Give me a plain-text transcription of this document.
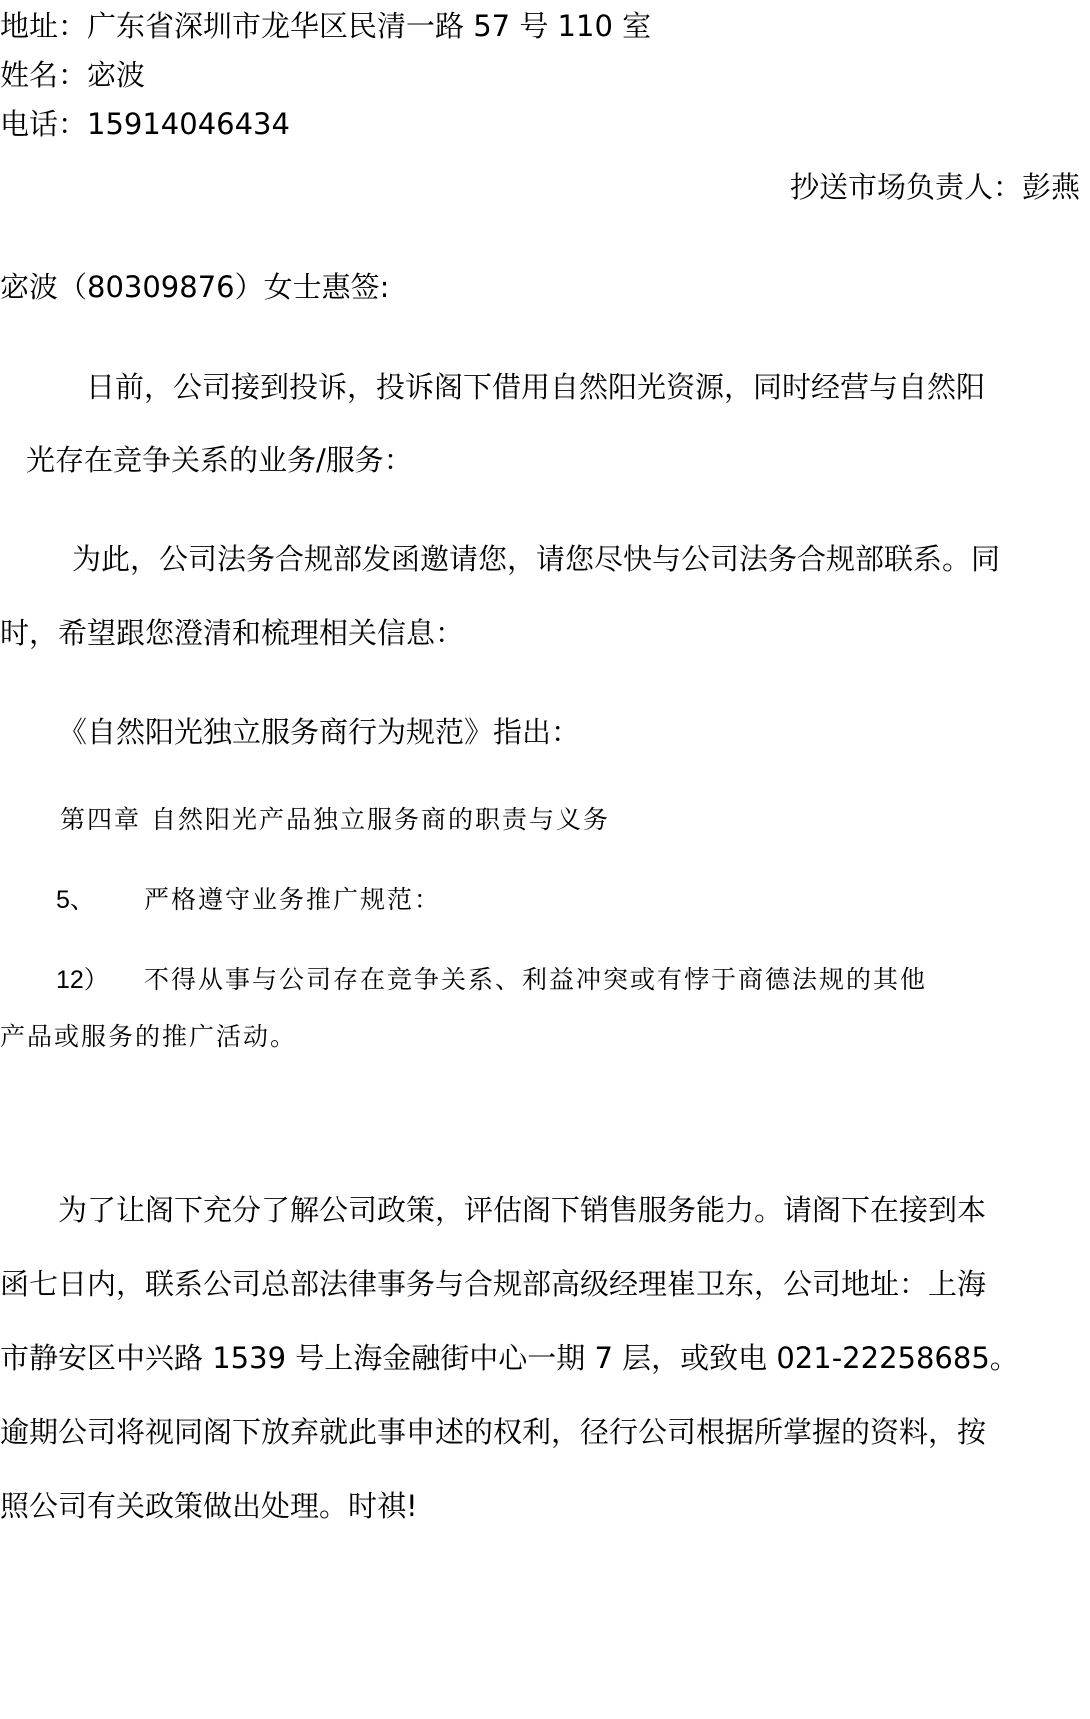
地址：广东省深圳市龙华区民清一路 57 号 110 室

姓名：宓波

电话：15914046434

抄送市场负责人：彭燕

宓波（80309876）女士惠签:

日前，公司接到投诉，投诉阁下借用自然阳光资源，同时经营与自然阳

光存在竞争关系的业务/服务：

为此，公司法务合规部发函邀请您，请您尽快与公司法务合规部联系。同

时，希望跟您澄清和梳理相关信息：

《自然阳光独立服务商行为规范》指出：

第四章 自然阳光产品独立服务商的职责与义务

5、 严格遵守业务推广规范：

12） 不得从事与公司存在竞争关系、利益冲突或有悖于商德法规的其他

产品或服务的推广活动。

为了让阁下充分了解公司政策，评估阁下销售服务能力。请阁下在接到本

函七日内，联系公司总部法律事务与合规部高级经理崔卫东，公司地址：上海

市静安区中兴路 1539 号上海金融街中心一期 7 层，或致电 021-22258685。

逾期公司将视同阁下放弃就此事申述的权利，径行公司根据所掌握的资料，按

照公司有关政策做出处理。时祺!
